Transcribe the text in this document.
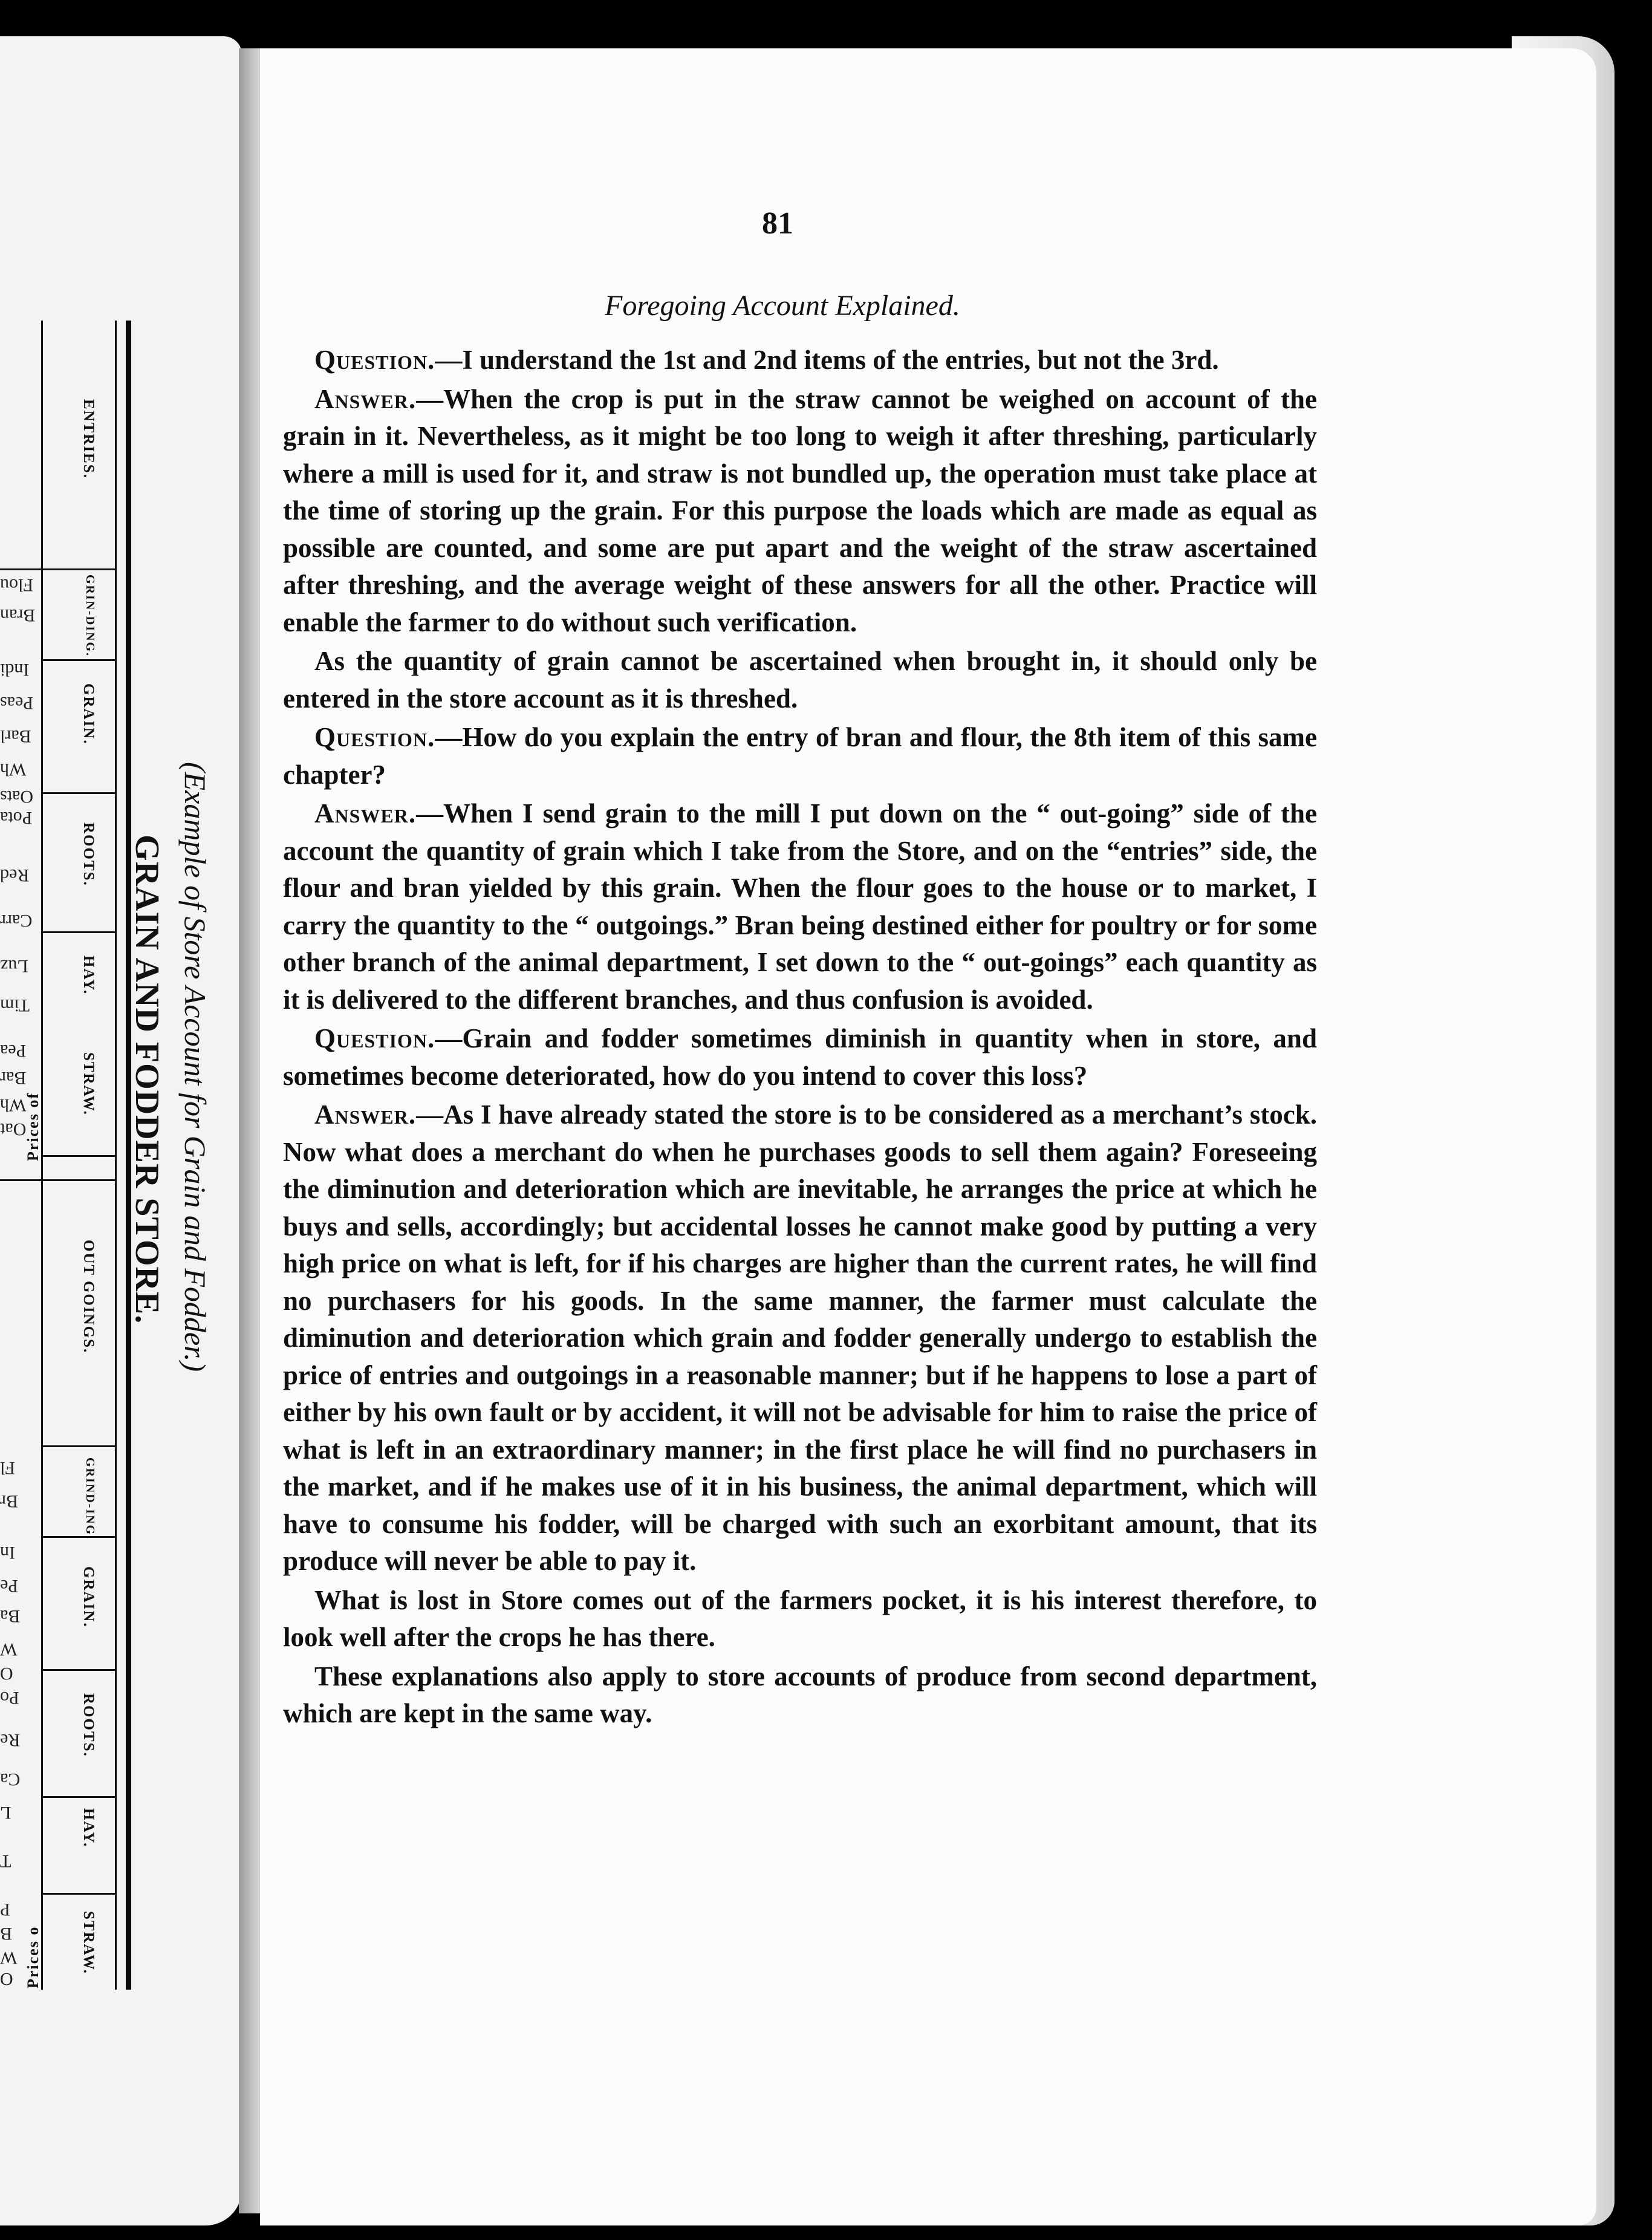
ENTRIES.
GRIN-DING.
GRAIN.
ROOTS.
HAY.
STRAW.
Prices of
OUT GOINGS.
GRIND-ING.
GRAIN.
ROOTS.
HAY.
STRAW.
Prices o
Flou
Bran
Indi
Peas
Barl
Wh
Oats
Pota
Red
Carr
Luz
Tim
Pea
Bar
Wh
Oat
Fl
Br
In
Pe
Ba
W
O
Po
Re
Ca
L
T
P
B
W
O
GRAIN AND FODDER STORE. (Example of Store Account for Grain and Fodder.)
81
Foregoing Account Explained.

Question.—I understand the 1st and 2nd items of the entries, but not the 3rd.

Answer.—When the crop is put in the straw cannot be weighed on account of the grain in it. Nevertheless, as it might be too long to weigh it after threshing, particularly where a mill is used for it, and straw is not bundled up, the operation must take place at the time of storing up the grain. For this purpose the loads which are made as equal as possible are counted, and some are put apart and the weight of the straw ascertained after threshing, and the average weight of these answers for all the other. Practice will enable the farmer to do without such verification.

As the quantity of grain cannot be ascertained when brought in, it should only be entered in the store account as it is threshed.

Question.—How do you explain the entry of bran and flour, the 8th item of this same chapter?

Answer.—When I send grain to the mill I put down on the “ out-going” side of the account the quantity of grain which I take from the Store, and on the “entries” side, the flour and bran yielded by this grain. When the flour goes to the house or to market, I carry the quantity to the “ outgoings.” Bran being destined either for poultry or for some other branch of the animal department, I set down to the “ out-goings” each quantity as it is delivered to the different branches, and thus confusion is avoided.

Question.—Grain and fodder sometimes diminish in quantity when in store, and sometimes become deteriorated, how do you intend to cover this loss?

Answer.—As I have already stated the store is to be considered as a merchant’s stock. Now what does a merchant do when he purchases goods to sell them again? Foreseeing the diminution and deterioration which are inevitable, he arranges the price at which he buys and sells, accordingly; but accidental losses he cannot make good by putting a very high price on what is left, for if his charges are higher than the current rates, he will find no purchasers for his goods. In the same manner, the farmer must calculate the diminution and deterioration which grain and fodder generally undergo to establish the price of entries and outgoings in a reasonable manner; but if he happens to lose a part of either by his own fault or by accident, it will not be advisable for him to raise the price of what is left in an extraordinary manner; in the first place he will find no purchasers in the market, and if he makes use of it in his business, the animal department, which will have to consume his fodder, will be charged with such an exorbitant amount, that its produce will never be able to pay it.

What is lost in Store comes out of the farmers pocket, it is his interest therefore, to look well after the crops he has there.

These explanations also apply to store accounts of produce from second department, which are kept in the same way.
